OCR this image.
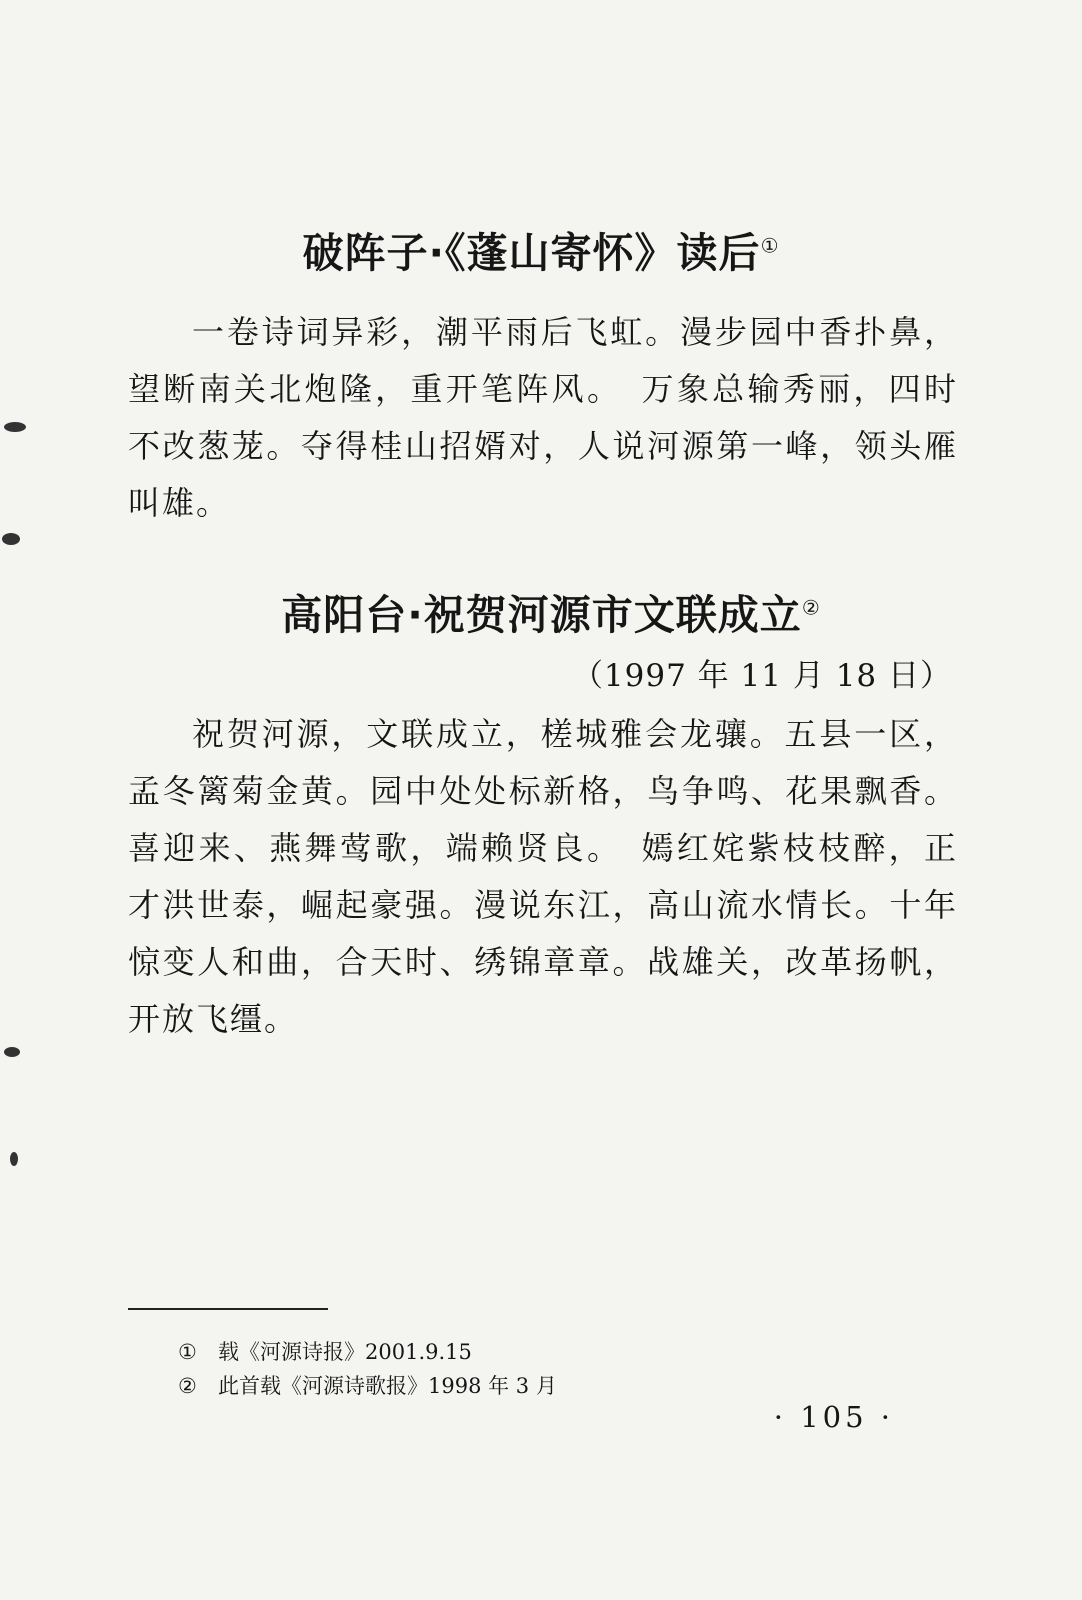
破阵子·《蓬山寄怀》读后①

一卷诗词异彩，潮平雨后飞虹。漫步园中香扑鼻，望断南关北炮隆，重开笔阵风。　万象总输秀丽，四时不改葱茏。夺得桂山招婿对，人说河源第一峰，领头雁叫雄。

高阳台·祝贺河源市文联成立②
（1997 年 11 月 18 日）

祝贺河源，文联成立，槎城雅会龙骧。五县一区，孟冬篱菊金黄。园中处处标新格，鸟争鸣、花果飘香。喜迎来、燕舞莺歌，端赖贤良。　嫣红姹紫枝枝醉，正才洪世泰，崛起豪强。漫说东江，高山流水情长。十年惊变人和曲，合天时、绣锦章章。战雄关，改革扬帆，开放飞缰。

① 载《河源诗报》2001.9.15
② 此首载《河源诗歌报》1998 年 3 月
· 105 ·
